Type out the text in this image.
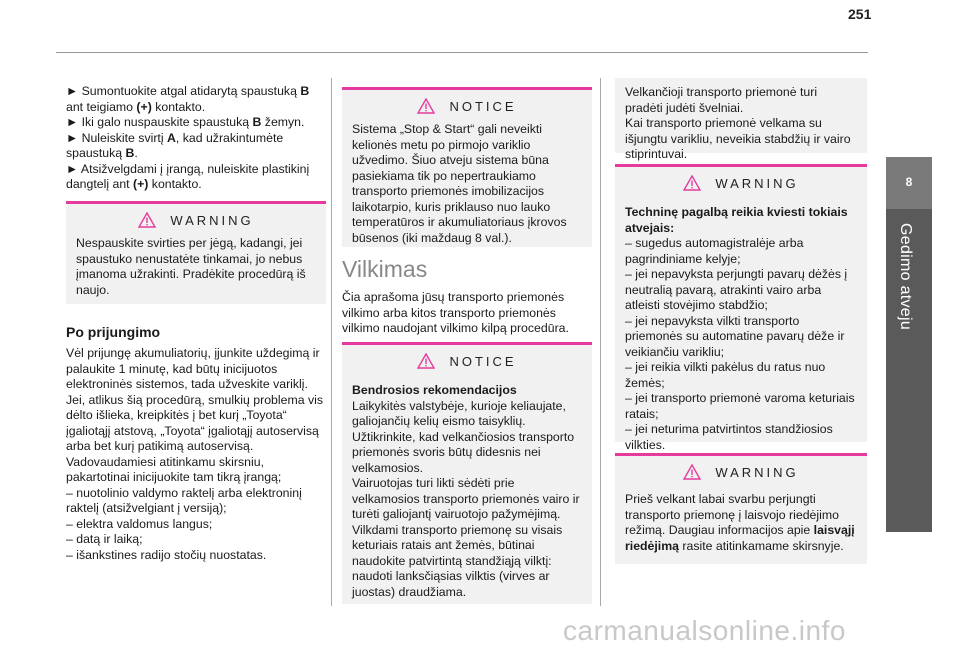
251
8
Gedimo atveju

► Sumontuokite atgal atidarytą spaustuką B ant teigiamo (+) kontakto.

► Iki galo nuspauskite spaustuką B žemyn.

► Nuleiskite svirtį A, kad užrakintumėte spaustuką B.

► Atsižvelgdami į įrangą, nuleiskite plastikinį dangtelį ant (+) kontakto.

WARNING

Nespauskite svirties per jėgą, kadangi, jei spaustuko nenustatėte tinkamai, jo nebus įmanoma užrakinti. Pradėkite procedūrą iš naujo.

Po prijungimo

Vėl prijungę akumuliatorių, įjunkite uždegimą ir palaukite 1 minutę, kad būtų inicijuotos elektroninės sistemos, tada užveskite variklį.

Jei, atlikus šią procedūrą, smulkių problema vis dėlto išlieka, kreipkitės į bet kurį „Toyota“ įgaliotąjį atstovą, „Toyota“ įgaliotąjį autoservisą arba bet kurį patikimą autoservisą.

Vadovaudamiesi atitinkamu skirsniu, pakartotinai inicijuokite tam tikrą įrangą;

– nuotolinio valdymo raktelį arba elektroninį raktelį (atsižvelgiant į versiją);

– elektra valdomus langus;

– datą ir laiką;

– išankstines radijo stočių nuostatas.

NOTICE

Sistema „Stop & Start“ gali neveikti kelionės metu po pirmojo variklio užvedimo. Šiuo atveju sistema būna pasiekiama tik po nepertraukiamo transporto priemonės imobilizacijos laikotarpio, kuris priklauso nuo lauko temperatūros ir akumuliatoriaus įkrovos būsenos (iki maždaug 8 val.).

Vilkimas

Čia aprašoma jūsų transporto priemonės vilkimo arba kitos transporto priemonės vilkimo naudojant vilkimo kilpą procedūra.

NOTICE

Bendrosios rekomendacijos

Laikykitės valstybėje, kurioje keliaujate, galiojančių kelių eismo taisyklių.

Užtikrinkite, kad velkančiosios transporto priemonės svoris būtų didesnis nei velkamosios.

Vairuotojas turi likti sėdėti prie velkamosios transporto priemonės vairo ir turėti galiojantį vairuotojo pažymėjimą.

Vilkdami transporto priemonę su visais keturiais ratais ant žemės, būtinai naudokite patvirtintą standžiąją vilktį: naudoti lanksčiąsias vilktis (virves ar juostas) draudžiama.

Velkančioji transporto priemonė turi pradėti judėti švelniai.

Kai transporto priemonė velkama su išjungtu varikliu, neveikia stabdžių ir vairo stiprintuvai.

WARNING

Techninę pagalbą reikia kviesti tokiais atvejais:

– sugedus automagistralėje arba pagrindiniame kelyje;

– jei nepavyksta perjungti pavarų dėžės į neutralią pavarą, atrakinti vairo arba atleisti stovėjimo stabdžio;

– jei nepavyksta vilkti transporto priemonės su automatine pavarų dėže ir veikiančiu varikliu;

– jei reikia vilkti pakėlus du ratus nuo žemės;

– jei transporto priemonė varoma keturiais ratais;

– jei neturima patvirtintos standžiosios vilkties.

WARNING

Prieš velkant labai svarbu perjungti transporto priemonę į laisvojo riedėjimo režimą. Daugiau informacijos apie laisvąjį riedėjimą rasite atitinkamame skirsnyje.

carmanualsonline.info
